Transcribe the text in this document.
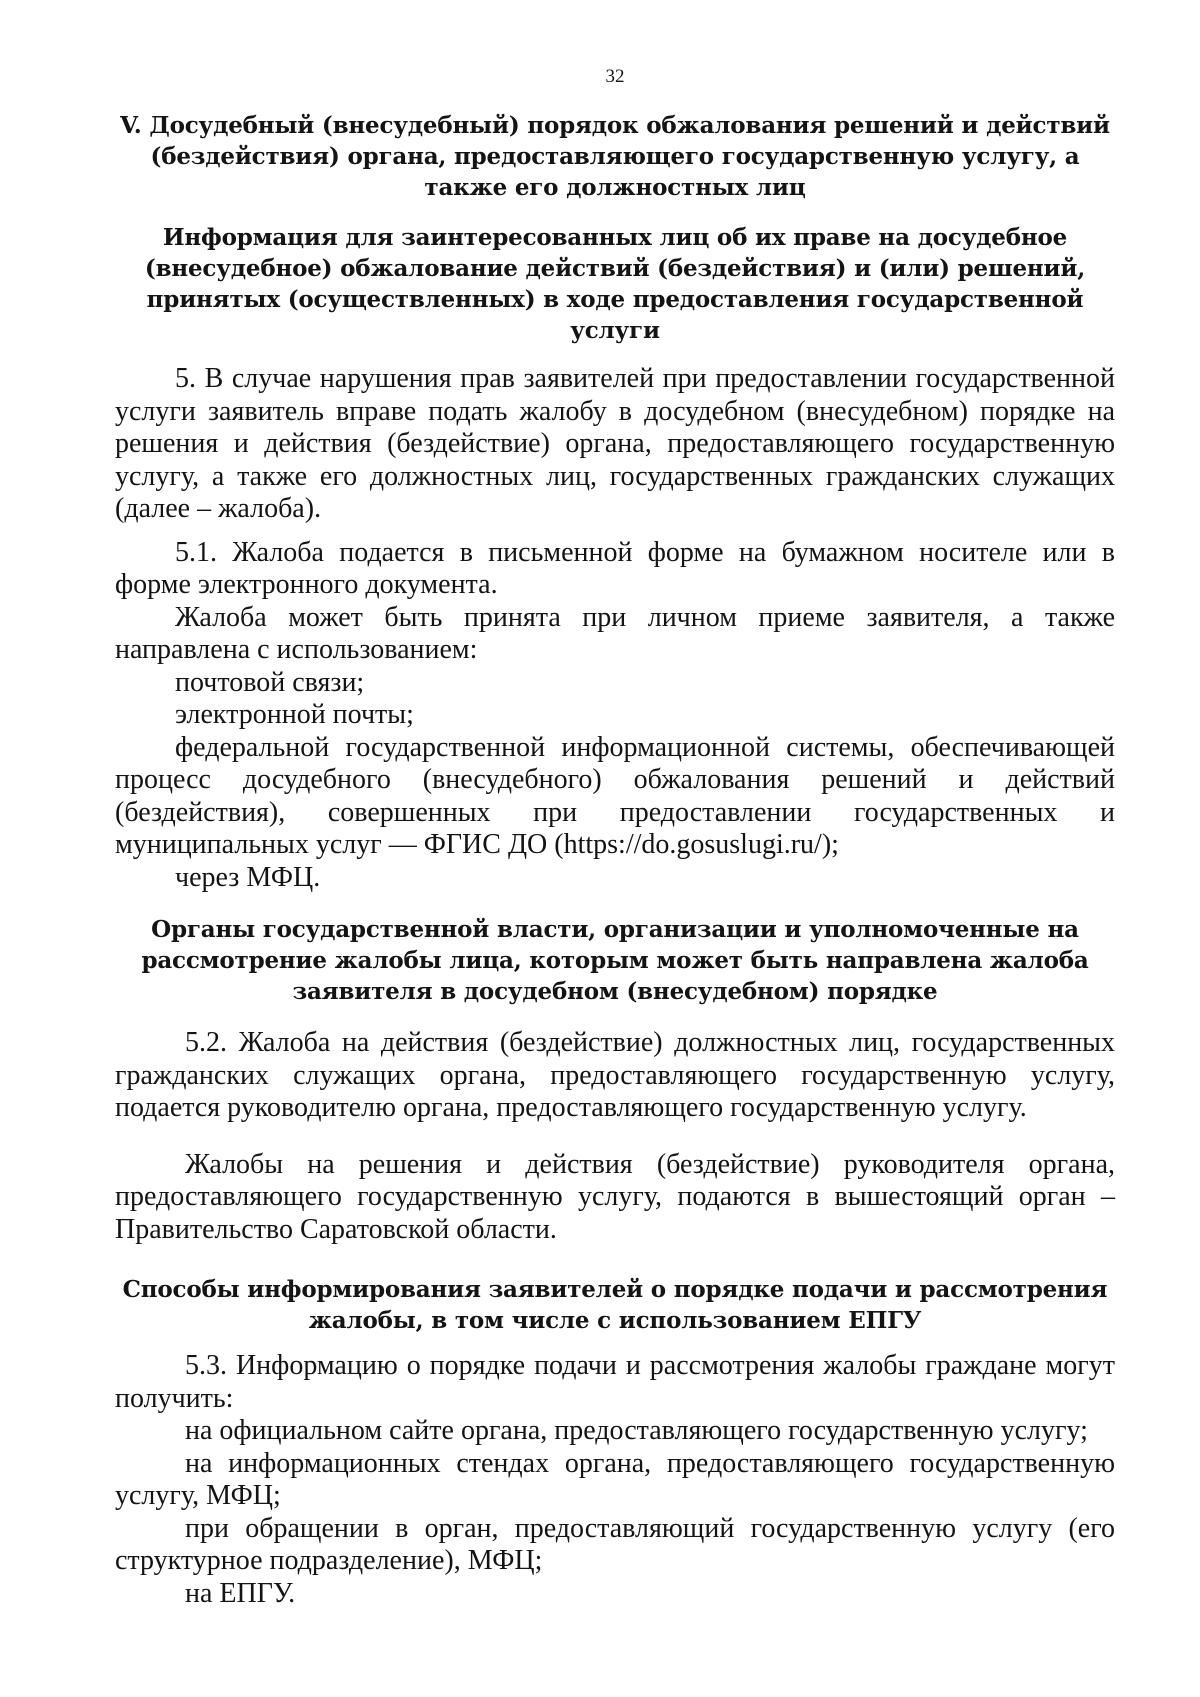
32
V. Досудебный (внесудебный) порядок обжалования решений и действий (бездействия) органа, предоставляющего государственную услугу, а также его должностных лиц
Информация для заинтересованных лиц об их праве на досудебное (внесудебное) обжалование действий (бездействия) и (или) решений, принятых (осуществленных) в ходе предоставления государственной услуги

5. В случае нарушения прав заявителей при предоставлении государственной услуги заявитель вправе подать жалобу в досудебном (внесудебном) порядке на решения и действия (бездействие) органа, предоставляющего государственную услугу, а также его должностных лиц, государственных гражданских служащих (далее – жалоба).

5.1. Жалоба подается в письменной форме на бумажном носителе или в форме электронного документа.

Жалоба может быть принята при личном приеме заявителя, а также направлена с использованием:

почтовой связи;

электронной почты;

федеральной государственной информационной системы, обеспечивающей процесс досудебного (внесудебного) обжалования решений и действий (бездействия), совершенных при предоставлении государственных и муниципальных услуг — ФГИС ДО (https://do.gosuslugi.ru/);

через МФЦ.

Органы государственной власти, организации и уполномоченные на рассмотрение жалобы лица, которым может быть направлена жалоба заявителя в досудебном (внесудебном) порядке

5.2. Жалоба на действия (бездействие) должностных лиц, государственных гражданских служащих органа, предоставляющего государственную услугу, подается руководителю органа, предоставляющего государственную услугу.

Жалобы на решения и действия (бездействие) руководителя органа, предоставляющего государственную услугу, подаются в вышестоящий орган – Правительство Саратовской области.

Способы информирования заявителей о порядке подачи и рассмотрения жалобы, в том числе с использованием ЕПГУ

5.3. Информацию о порядке подачи и рассмотрения жалобы граждане могут получить:

на официальном сайте органа, предоставляющего государственную услугу;

на информационных стендах органа, предоставляющего государственную услугу, МФЦ;

при обращении в орган, предоставляющий государственную услугу (его структурное подразделение), МФЦ;

на ЕПГУ.
